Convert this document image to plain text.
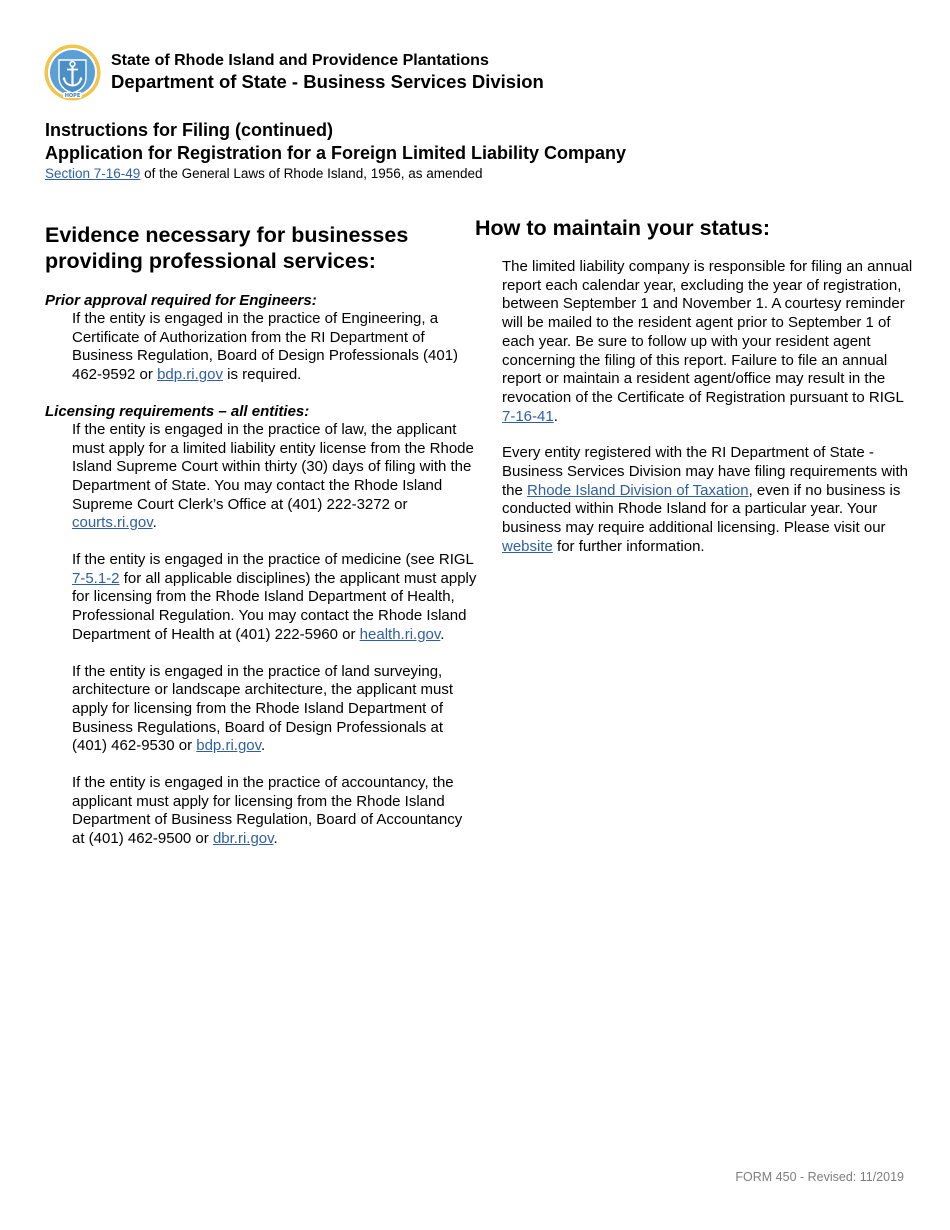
HOPE
State of Rhode Island and Providence Plantations
Department of State - Business Services Division
Instructions for Filing (continued)
Application for Registration for a Foreign Limited Liability Company
Section 7-16-49 of the General Laws of Rhode Island, 1956, as amended
Evidence necessary for businesses providing professional services:
Prior approval required for Engineers:

If the entity is engaged in the practice of Engineering, a Certificate of Authorization from the RI Department of Business Regulation, Board of Design Professionals (401) 462-9592 or bdp.ri.gov is required.

Licensing requirements – all entities:

If the entity is engaged in the practice of law, the applicant must apply for a limited liability entity license from the Rhode Island Supreme Court within thirty (30) days of filing with the Department of State. You may contact the Rhode Island Supreme Court Clerk’s Office at (401) 222-3272 or courts.ri.gov.

If the entity is engaged in the practice of medicine (see RIGL 7-5.1-2 for all applicable disciplines) the applicant must apply for licensing from the Rhode Island Department of Health, Professional Regulation. You may contact the Rhode Island Department of Health at (401) 222-5960 or health.ri.gov.

If the entity is engaged in the practice of land surveying, architecture or landscape architecture, the applicant must apply for licensing from the Rhode Island Department of Business Regulations, Board of Design Professionals at (401) 462-9530 or bdp.ri.gov.

If the entity is engaged in the practice of accountancy, the applicant must apply for licensing from the Rhode Island Department of Business Regulation, Board of Accountancy at (401) 462-9500 or dbr.ri.gov.

How to maintain your status:

The limited liability company is responsible for filing an annual report each calendar year, excluding the year of registration, between September 1 and November 1. A courtesy reminder will be mailed to the resident agent prior to September 1 of each year. Be sure to follow up with your resident agent concerning the filing of this report. Failure to file an annual report or maintain a resident agent/office may result in the revocation of the Certificate of Registration pursuant to RIGL 7-16-41.

Every entity registered with the RI Department of State - Business Services Division may have filing requirements with the Rhode Island Division of Taxation, even if no business is conducted within Rhode Island for a particular year. Your business may require additional licensing. Please visit our website for further information.

FORM 450 - Revised: 11/2019
